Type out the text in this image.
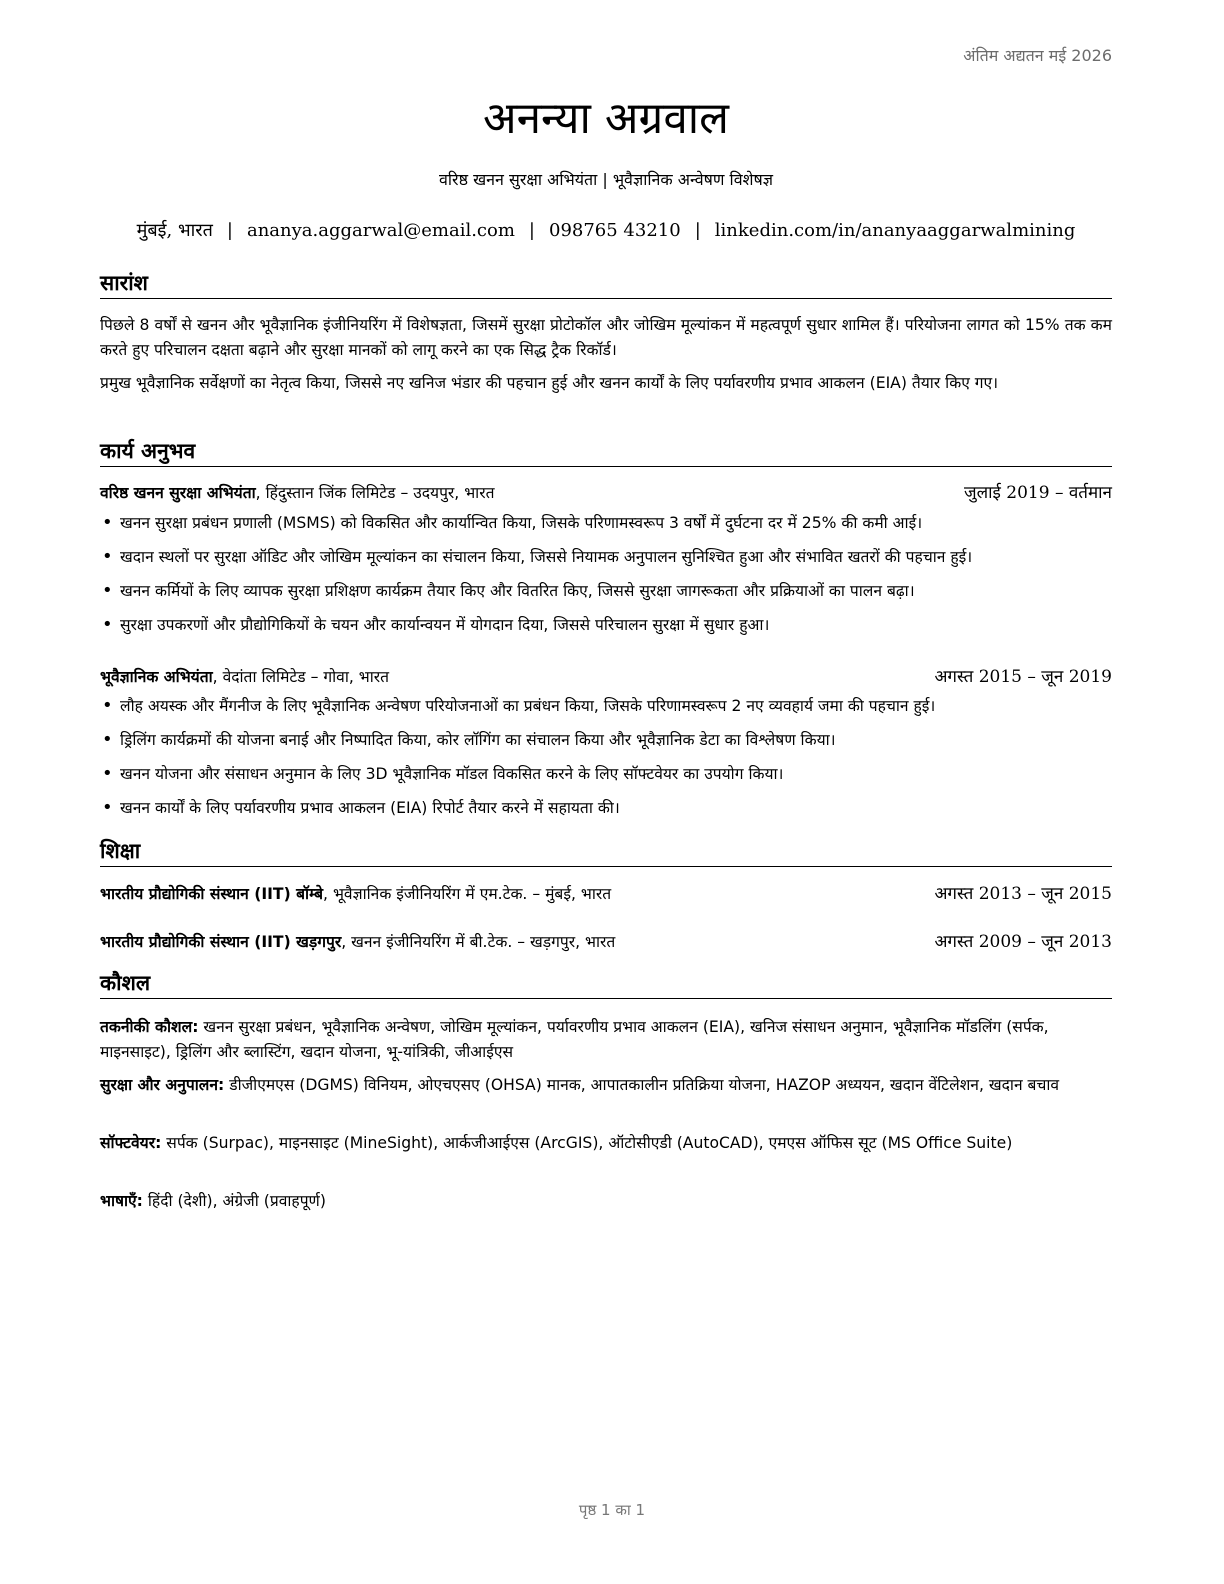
अंतिम अद्यतन मई 2026
अनन्या अग्रवाल
वरिष्ठ खनन सुरक्षा अभियंता | भूवैज्ञानिक अन्वेषण विशेषज्ञ
मुंबई, भारत | ananya.aggarwal@email.com | 098765 43210 | linkedin.com/in/ananyaaggarwalmining
सारांश
पिछले 8 वर्षों से खनन और भूवैज्ञानिक इंजीनियरिंग में विशेषज्ञता, जिसमें सुरक्षा प्रोटोकॉल और जोखिम मूल्यांकन में महत्वपूर्ण सुधार शामिल हैं। परियोजना लागत को 15% तक कम करते हुए परिचालन दक्षता बढ़ाने और सुरक्षा मानकों को लागू करने का एक सिद्ध ट्रैक रिकॉर्ड।
प्रमुख भूवैज्ञानिक सर्वेक्षणों का नेतृत्व किया, जिससे नए खनिज भंडार की पहचान हुई और खनन कार्यों के लिए पर्यावरणीय प्रभाव आकलन (EIA) तैयार किए गए।
कार्य अनुभव
वरिष्ठ खनन सुरक्षा अभियंता, हिंदुस्तान जिंक लिमिटेड – उदयपुर, भारत	जुलाई 2019 – वर्तमान
• खनन सुरक्षा प्रबंधन प्रणाली (MSMS) को विकसित और कार्यान्वित किया, जिसके परिणामस्वरूप 3 वर्षों में दुर्घटना दर में 25% की कमी आई।
• खदान स्थलों पर सुरक्षा ऑडिट और जोखिम मूल्यांकन का संचालन किया, जिससे नियामक अनुपालन सुनिश्चित हुआ और संभावित खतरों की पहचान हुई।
• खनन कर्मियों के लिए व्यापक सुरक्षा प्रशिक्षण कार्यक्रम तैयार किए और वितरित किए, जिससे सुरक्षा जागरूकता और प्रक्रियाओं का पालन बढ़ा।
• सुरक्षा उपकरणों और प्रौद्योगिकियों के चयन और कार्यान्वयन में योगदान दिया, जिससे परिचालन सुरक्षा में सुधार हुआ।
भूवैज्ञानिक अभियंता, वेदांता लिमिटेड – गोवा, भारत	अगस्त 2015 – जून 2019
• लौह अयस्क और मैंगनीज के लिए भूवैज्ञानिक अन्वेषण परियोजनाओं का प्रबंधन किया, जिसके परिणामस्वरूप 2 नए व्यवहार्य जमा की पहचान हुई।
• ड्रिलिंग कार्यक्रमों की योजना बनाई और निष्पादित किया, कोर लॉगिंग का संचालन किया और भूवैज्ञानिक डेटा का विश्लेषण किया।
• खनन योजना और संसाधन अनुमान के लिए 3D भूवैज्ञानिक मॉडल विकसित करने के लिए सॉफ्टवेयर का उपयोग किया।
• खनन कार्यों के लिए पर्यावरणीय प्रभाव आकलन (EIA) रिपोर्ट तैयार करने में सहायता की।
शिक्षा
भारतीय प्रौद्योगिकी संस्थान (IIT) बॉम्बे, भूवैज्ञानिक इंजीनियरिंग में एम.टेक. – मुंबई, भारत	अगस्त 2013 – जून 2015
भारतीय प्रौद्योगिकी संस्थान (IIT) खड़गपुर, खनन इंजीनियरिंग में बी.टेक. – खड़गपुर, भारत	अगस्त 2009 – जून 2013
कौशल
तकनीकी कौशल: खनन सुरक्षा प्रबंधन, भूवैज्ञानिक अन्वेषण, जोखिम मूल्यांकन, पर्यावरणीय प्रभाव आकलन (EIA), खनिज संसाधन अनुमान, भूवैज्ञानिक मॉडलिंग (सर्पक, माइनसाइट), ड्रिलिंग और ब्लास्टिंग, खदान योजना, भू-यांत्रिकी, जीआईएस
सुरक्षा और अनुपालन: डीजीएमएस (DGMS) विनियम, ओएचएसए (OHSA) मानक, आपातकालीन प्रतिक्रिया योजना, HAZOP अध्ययन, खदान वेंटिलेशन, खदान बचाव
सॉफ्टवेयर: सर्पक (Surpac), माइनसाइट (MineSight), आर्कजीआईएस (ArcGIS), ऑटोसीएडी (AutoCAD), एमएस ऑफिस सूट (MS Office Suite)
भाषाएँ: हिंदी (देशी), अंग्रेजी (प्रवाहपूर्ण)
पृष्ठ 1 का 1
